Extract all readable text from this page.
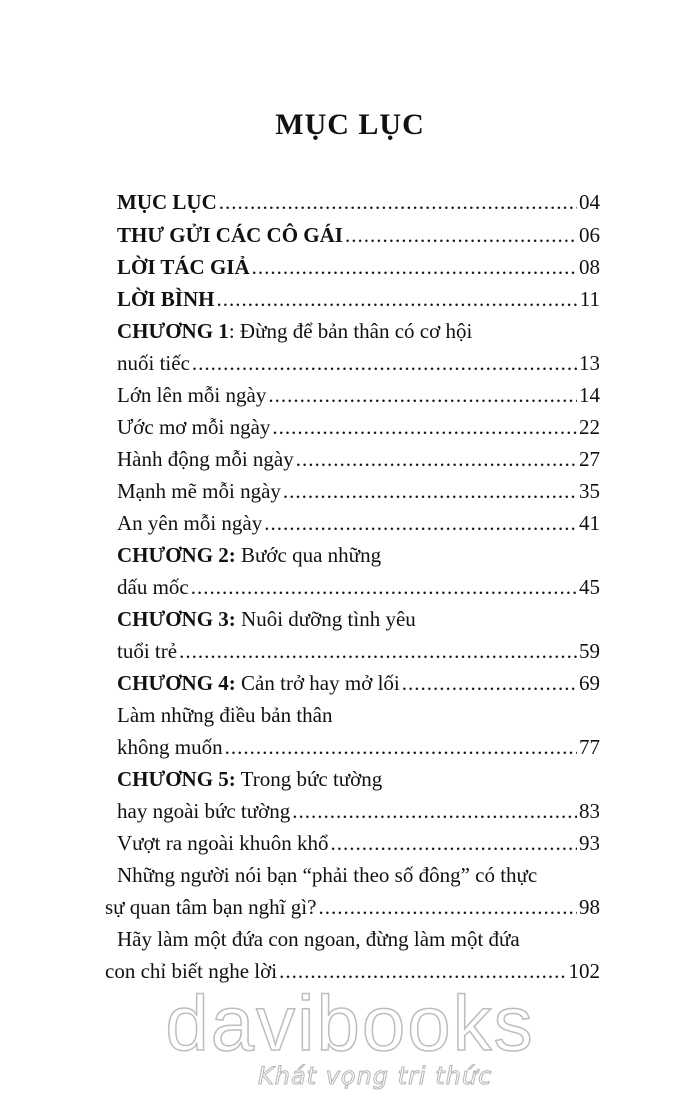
MỤC LỤC
MỤC LỤC .....	04
THƯ GỬI CÁC CÔ GÁI .....	06
LỜI TÁC GIẢ .....	08
LỜI BÌNH .....	11
CHƯƠNG 1: Đừng để bản thân có cơ hội
nuối tiếc .....	13
Lớn lên mỗi ngày .....	14
Ước mơ mỗi ngày .....	22
Hành động mỗi ngày .....	27
Mạnh mẽ mỗi ngày .....	35
An yên mỗi ngày .....	41
CHƯƠNG 2: Bước qua những
dấu mốc .....	45
CHƯƠNG 3: Nuôi dưỡng tình yêu
tuổi trẻ .....	59
CHƯƠNG 4: Cản trở hay mở lối .....	69
Làm những điều bản thân
không muốn .....	77
CHƯƠNG 5: Trong bức tường
hay ngoài bức tường .....	83
Vượt ra ngoài khuôn khổ .....	93
Những người nói bạn “phải theo số đông” có thực
sự quan tâm bạn nghĩ gì? .....	98
Hãy làm một đứa con ngoan, đừng làm một đứa
con chỉ biết nghe lời .....	102
davibooks
Khát vọng tri thức
